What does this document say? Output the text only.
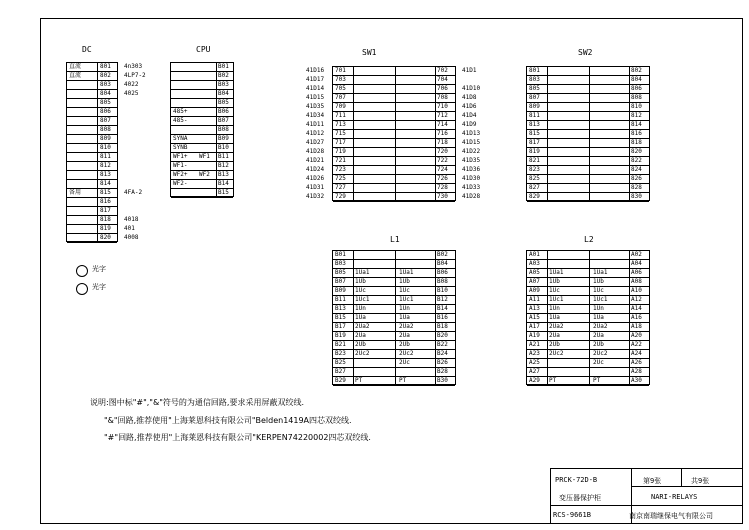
DC
直流	801
直流	802
803
804
805
806
807
808
809
810
811
812
813
814
备用	815
816
817
818
819
820
CPU
B01
B02
B03
B04
B05
485+	B06
485-	B07
B08
SYNA	B09
SYNB	B10
WF1+ WF1 B11
WF1-	B12
WF2+ WF2 B13
WF2-	B14
B15
SW1
701	702
703	704
705	706
707	708
709	710
711	712
713	714
715	716
717	718
719	720
721	722
723	724
725	726
727	728
729	730
SW2
801	802
803	804
805	806
807	808
809	810
811	812
813	814
815	816
817	818
819	820
821	822
823	824
825	826
827	828
829	830
L1
B01	B02
B03	B04
B05 1Ua1	1Ua1	B06
B07 1Ub	1Ub	B08
B09 1Uc	1Uc	B10
B11 1Uc1	1Uc1	B12
B13 1Un	1Un	B14
B15 1Ua	1Ua	B16
B17 2Ua2	2Ua2	B18
B19 2Ua	2Ua	B20
B21 2Ub	2Ub	B22
B23 2Uc2	2Uc2	B24
B25	2Uc	B26
B27	B28
B29 PT	PT	B30
L2
A01	A02
A03	A04
A05 1Ua1	1Ua1	A06
A07 1Ub	1Ub	A08
A09 1Uc	1Uc	A10
A11 1Uc1	1Uc1	A12
A13 1Un	1Un	A14
A15 1Ua	1Ua	A16
A17 2Ua2	2Ua2	A18
A19 2Ua	2Ua	A20
A21 2Ub	2Ub	A22
A23 2Uc2	2Uc2	A24
A25	2Uc	A26
A27	A28
A29 PT	PT	A30
光字
光字
说明:图中标"#","&"符号的为通信回路,要求采用屏蔽双绞线.
"&"回路,推荐使用"上海莱恩科技有限公司"Belden1419A四芯双绞线.
"#"回路,推荐使用"上海莱恩科技有限公司"KERPEN74220002四芯双绞线.
PRCK-72D-B
变压器保护柜
第9张	共9张
NARI-RELAYS
RCS-9661B	南京南瑞继保电气有限公司
4n303
4LP7-2
4022
4025
4FA-2
4018
401
4008
41D16
41D17
41D14
41D15
41D35
41D34
41D11
41D12
41D27
41D28
41D21
41D24
41D26
41D31
41D32
41D1
41D10
41D8
41D6
41D4
41D9
41D13
41D15
41D22
41D35
41D36
41D30
41D33
41D28
